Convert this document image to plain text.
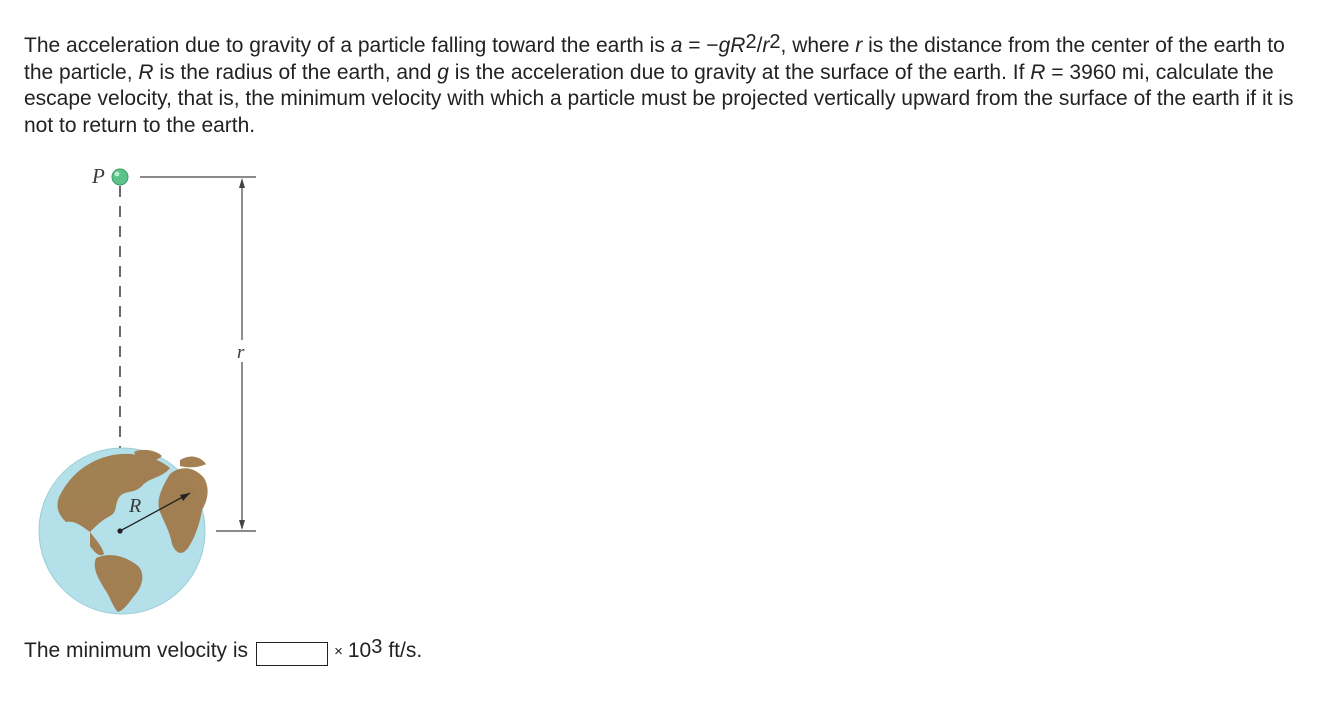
The acceleration due to gravity of a particle falling toward the earth is $a = -gR^2/r^2$, where r is the distance from the center of the earth to the particle, R is the radius of the earth, and g is the acceleration due to gravity at the surface of the earth. If R = 3960 mi, calculate the escape velocity, that is, the minimum velocity with which a particle must be projected vertically upward from the surface of the earth if it is not to return to the earth.

P
r
R
The minimum velocity is	× $10^3$ ft/s.
